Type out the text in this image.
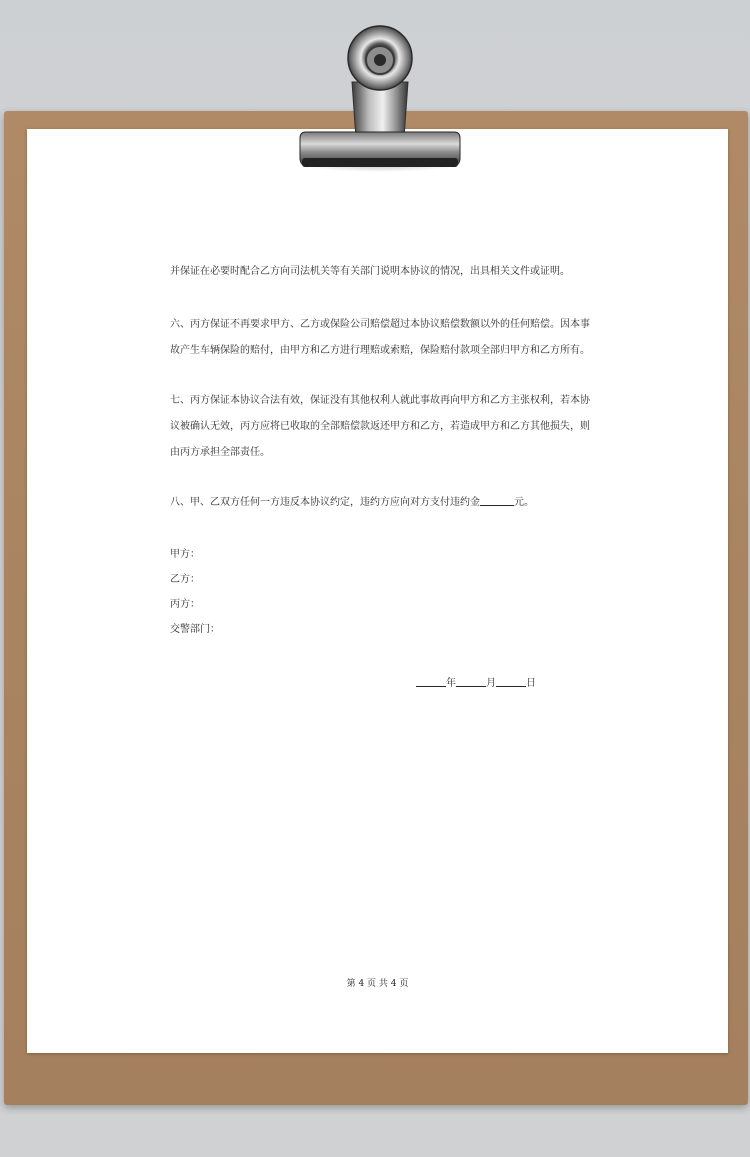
并保证在必要时配合乙方向司法机关等有关部门说明本协议的情况，出具相关文件或证明。

六、丙方保证不再要求甲方、乙方或保险公司赔偿超过本协议赔偿数额以外的任何赔偿。因本事

故产生车辆保险的赔付，由甲方和乙方进行理赔或索赔，保险赔付款项全部归甲方和乙方所有。

七、丙方保证本协议合法有效，保证没有其他权利人就此事故再向甲方和乙方主张权利，若本协

议被确认无效，丙方应将已收取的全部赔偿款返还甲方和乙方，若造成甲方和乙方其他损失，则

由丙方承担全部责任。

八、甲、乙双方任何一方违反本协议约定，违约方应向对方支付违约金	元。

甲方：
乙方：
丙方：
交警部门：
年	月	日
第 4 页 共 4 页
